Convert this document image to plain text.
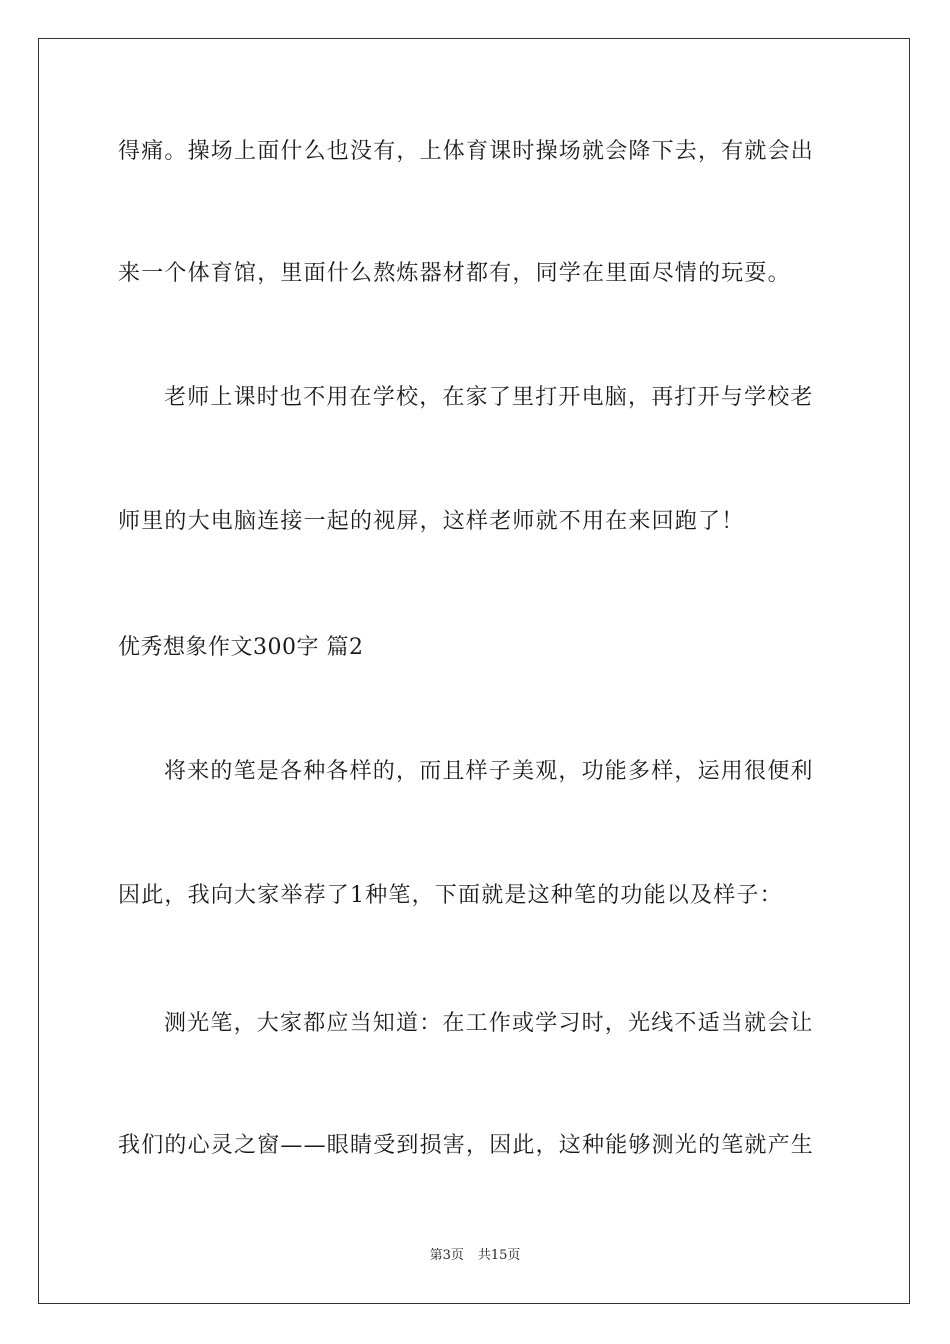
得痛。操场上面什么也没有，上体育课时操场就会降下去，有就会出
来一个体育馆，里面什么熬炼器材都有，同学在里面尽情的玩耍。
老师上课时也不用在学校，在家了里打开电脑，再打开与学校老
师里的大电脑连接一起的视屏，这样老师就不用在来回跑了！
优秀想象作文300字 篇2
将来的笔是各种各样的，而且样子美观，功能多样，运用很便利
因此，我向大家举荐了1种笔，下面就是这种笔的功能以及样子：
测光笔，大家都应当知道：在工作或学习时，光线不适当就会让
我们的心灵之窗——眼睛受到损害，因此，这种能够测光的笔就产生
第3页 共15页
